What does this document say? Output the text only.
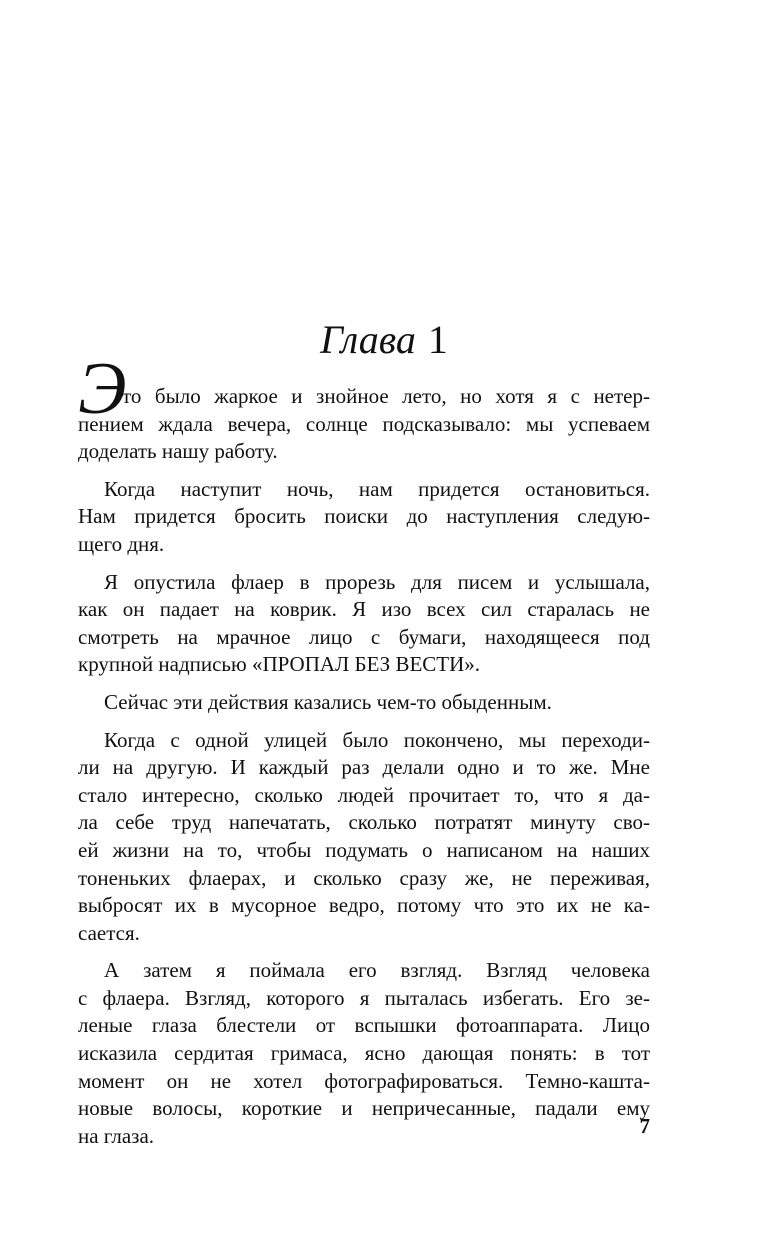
Глава 1
Э
то было жаркое и знойное лето, но хотя я с нетер-
пением ждала вечера, солнце подсказывало: мы успеваем
доделать нашу работу.
Когда наступит ночь, нам придется остановиться.
Нам придется бросить поиски до наступления следую-
щего дня.
Я опустила флаер в прорезь для писем и услышала,
как он падает на коврик. Я изо всех сил старалась не
смотреть на мрачное лицо с бумаги, находящееся под
крупной надписью «ПРОПАЛ БЕЗ ВЕСТИ».
Сейчас эти действия казались чем-то обыденным.
Когда с одной улицей было покончено, мы переходи-
ли на другую. И каждый раз делали одно и то же. Мне
стало интересно, сколько людей прочитает то, что я да-
ла себе труд напечатать, сколько потратят минуту сво-
ей жизни на то, чтобы подумать о написаном на наших
тоненьких флаерах, и сколько сразу же, не переживая,
выбросят их в мусорное ведро, потому что это их не ка-
сается.
А затем я поймала его взгляд. Взгляд человека
с флаера. Взгляд, которого я пыталась избегать. Его зе-
леные глаза блестели от вспышки фотоаппарата. Лицо
исказила сердитая гримаса, ясно дающая понять: в тот
момент он не хотел фотографироваться. Темно-кашта-
новые волосы, короткие и непричесанные, падали ему
на глаза.	7
